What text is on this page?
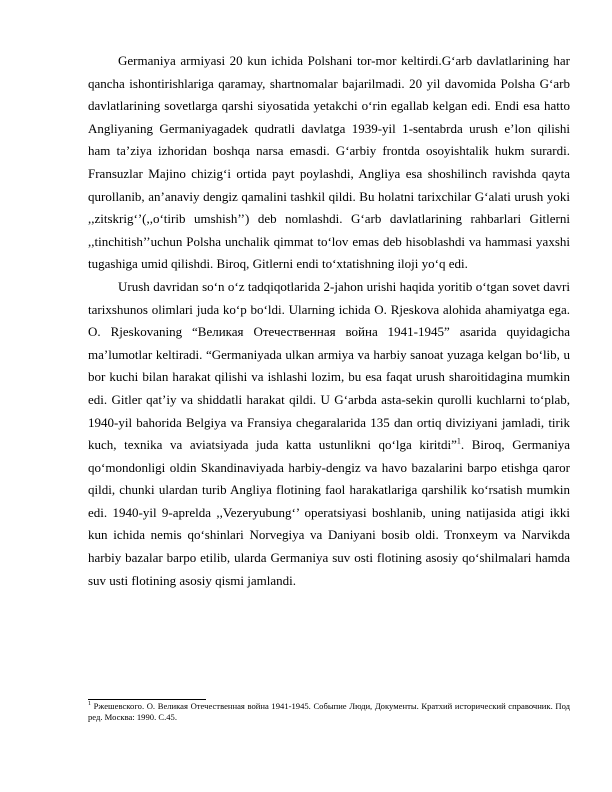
Germaniya armiyasi 20 kun ichida Polshani tor-mor keltirdi.G‘arb davlatlarining har qancha ishontirishlariga qaramay, shartnomalar bajarilmadi. 20 yil davomida Polsha G‘arb davlatlarining sovetlarga qarshi siyosatida yetakchi o‘rin egallab kelgan edi. Endi esa hatto Angliyaning Germaniyagadek qudratli davlatga 1939-yil 1-sentabrda urush e’lon qilishi ham ta’ziya izhoridan boshqa narsa emasdi. G‘arbiy frontda osoyishtalik hukm surardi. Fransuzlar Majino chizig‘i ortida payt poylashdi, Angliya esa shoshilinch ravishda qayta qurollanib, an’anaviy dengiz qamalini tashkil qildi. Bu holatni tarixchilar G‘alati urush yoki ,,zitskrig‘’(,,o‘tirib umshish’’) deb nomlashdi. G‘arb davlatlarining rahbarlari Gitlerni ,,tinchitish’’uchun Polsha unchalik qimmat to‘lov emas deb hisoblashdi va hammasi yaxshi tugashiga umid qilishdi. Biroq, Gitlerni endi to‘xtatishning iloji yo‘q edi.

Urush davridan so‘n o‘z tadqiqotlarida 2-jahon urishi haqida yoritib o‘tgan sovet davri tarixshunos olimlari juda ko‘p bo‘ldi. Ularning ichida O. Rjeskova alohida ahamiyatga ega. O. Rjeskovaning “Великая Отечественная война 1941-1945” asarida quyidagicha ma’lumotlar keltiradi. “Germaniyada ulkan armiya va harbiy sanoat yuzaga kelgan bo‘lib, u bor kuchi bilan harakat qilishi va ishlashi lozim, bu esa faqat urush sharoitidagina mumkin edi. Gitler qat’iy va shiddatli harakat qildi. U G‘arbda asta-sekin qurolli kuchlarni to‘plab, 1940-yil bahorida Belgiya va Fransiya chegaralarida 135 dan ortiq diviziyani jamladi, tirik kuch, texnika va aviatsiyada juda katta ustunlikni qo‘lga kiritdi”$^1$. Biroq, Germaniya qo‘mondonligi oldin Skandinaviyada harbiy-dengiz va havo bazalarini barpo etishga qaror qildi, chunki ulardan turib Angliya flotining faol harakatlariga qarshilik ko‘rsatish mumkin edi. 1940-yil 9-aprelda ,,Vezeryubung‘’ operatsiyasi boshlanib, uning natijasida atigi ikki kun ichida nemis qo‘shinlari Norvegiya va Daniyani bosib oldi. Tronxeym va Narvikda harbiy bazalar barpo etilib, ularda Germaniya suv osti flotining asosiy qo‘shilmalari hamda suv usti flotining asosiy qismi jamlandi.

$^1$ Ржешевского. О. Великая Отечественная война 1941-1945. Собыпие Люди, Документы. Кратхий исторический справочник. Под ред. Москва: 1990. С.45.
